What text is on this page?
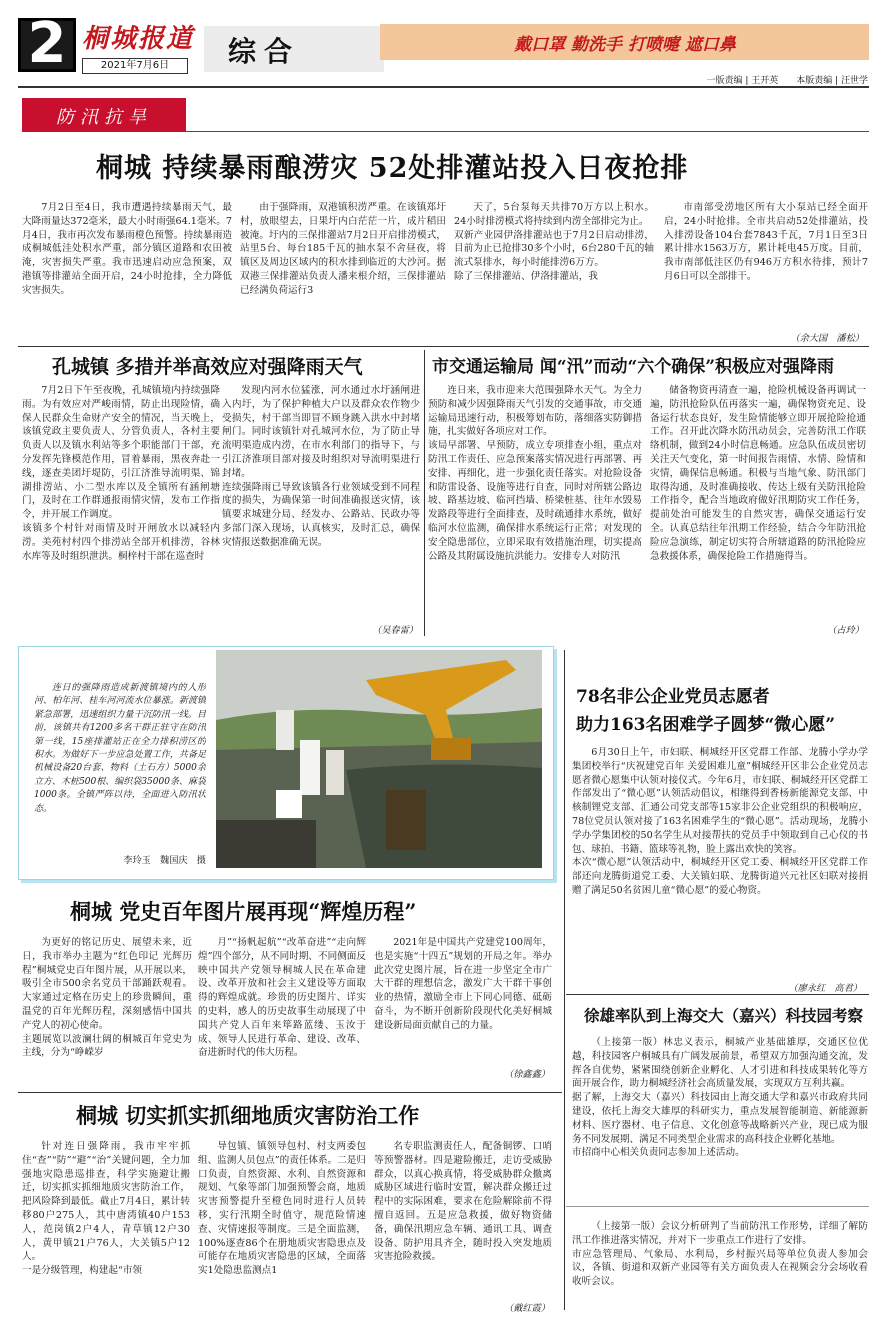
2 桐城报道
2021年7月6日	综合	戴口罩 勤洗手 打喷嚏 遮口鼻
一版责编 | 王开英　　本版责编 | 汪世学
防汛抗旱
桐城 持续暴雨酿涝灾 52处排灌站投入日夜抢排

7月2日至4日，我市遭遇持续暴雨天气，最大降雨量达372毫米，最大小时雨强64.1毫米。7月4日，我市再次发布暴雨橙色预警。持续暴雨造成桐城低洼处积水严重，部分镇区道路和农田被淹，灾害损失严重。我市迅速启动应急预案，双港镇等排灌站全面开启，24小时抢排，全力降低灾害损失。

由于强降雨，双港镇积涝严重。在该镇郑圩村，放眼望去，日果圩内白茫茫一片，成片稻田被淹。圩内的三保排灌站7月2日开启排涝模式，站里5台、每台185千瓦的抽水泵不舍昼夜，将镇区及周边区域内的积水排到临近的大沙河。据双港三保排灌站负责人潘来根介绍，三保排灌站已经满负荷运行3

天了，5台泵每天共排70万方以上积水。24小时排涝模式将持续到内涝全部排完为止。
双新产业园伊洛排灌站也于7月2日启动排涝，目前为止已抢排30多个小时，6台280千瓦的轴流式泵排水，每小时能排涝6万方。
除了三保排灌站、伊洛排灌站，我

市南部受涝地区所有大小泵站已经全面开启，24小时抢排。全市共启动52处排灌站，投入排涝设备104台套7843千瓦，7月1日至3日累计排水1563万方，累计耗电45万度。目前，我市南部低洼区仍有946万方积水待排，预计7月6日可以全部排干。

（余大国　潘松）
孔城镇 多措并举高效应对强降雨天气

7月2日下午至夜晚，孔城镇境内持续强降雨。为有效应对严峻雨情，防止出现险情，确保人民群众生命财产安全的情况，当天晚上，该镇党政主要负责人、分管负责人，各村主要负责人以及镇水利站等多个职能部门干部，充分发挥先锋模范作用，冒着暴雨，黑夜奔赴一线，逐查美团圩堤防，引江济淮导流明渠、锦湖排涝站、小二型水库以及全镇所有涵闸塘门，及时在工作群通报雨情灾情，发布工作指令，并开展工作调度。
该镇多个村针对雨情及时开闸放水以减轻内涝。美苑村村四个排涝站全部开机排涝，谷林水库等及时组织泄洪。桐梓村干部在巡查时

发现内河水位猛涨，河水通过水圩涵闸进入内圩，为了保护种植大户以及群众农作物少受损失，村干部当即冒不顾身跳入洪水中封堵闸门。同时该镇针对孔城河水位，为了防止导流明渠造成内涝，在市水利部门的指导下，与引江济淮项目部对接及时组织对导流明渠进行封堵。
连续强降雨已导致该镇各行业领域受到不同程度的损失，为确保第一时间准确报送灾情，该镇要求城建分局、经发办、公路站、民政办等多部门深入现场，认真核实，及时汇总，确保灾情报送数据准确无误。

（吴春雷）
市交通运输局 闻“汛”而动“六个确保”积极应对强降雨

连日来，我市迎来大范围强降水天气。为全力预防和减少因强降雨天气引发的交通事故，市交通运输局迅速行动，积极筹划布防，落细落实防御措施，扎实做好各项应对工作。
该局早部署、早预防，成立专项排查小组，重点对防汛工作责任、应急预案落实情况进行再部署、再安排、再细化，进一步强化责任落实。对抢险设备和防雷设备、设施等进行自查，同时对所辖公路边坡、路基边坡、临河挡墙、桥梁桩基、往年水毁易发路段等进行全面排查，及时疏通排水系统，做好临河水位监测，确保排水系统运行正常；对发现的安全隐患部位，立即采取有效措施治理，切实提高公路及其附属设施抗洪能力。安排专人对防汛

储备物资再清查一遍，抢险机械设备再调试一遍，防汛抢险队伍再落实一遍，确保物资充足、设备运行状态良好，发生险情能够立即开展抢险抢通工作。召开此次降水防汛动员会，完善防汛工作联络机制，做到24小时信息畅通。应急队伍成员密切关注天气变化，第一时间报告雨情、水情、险情和灾情，确保信息畅通。积极与当地气象、防汛部门取得沟通，及时准确接收、传达上级有关防汛抢险工作指令，配合当地政府做好汛期防灾工作任务，提前处治可能发生的自然灾害，确保交通运行安全。认真总结往年汛期工作经验，结合今年防汛抢险应急演练，制定切实符合所辖道路的防汛抢险应急救援体系，确保抢险工作措施得当。

（占玲）

连日的强降雨造成新渡镇境内的人形河、柏年河、桂车河河流水位暴涨。新渡镇紧急部署，迅速组织力量干沉防汛一线。目前，该镇共有1200多名干群正驻守在防汛第一线，15座排灌站正在全力排积涝区的积水。为做好下一步应急处置工作，共备足机械设备20台套、物料（土石方）5000余立方、木桩500根、编织袋35000条、麻袋1000条。全镇严阵以待，全面进入防汛状态。

李玲玉　魏国庆　摄
78名非公企业党员志愿者
助力163名困难学子圆梦“微心愿”

6月30日上午，市妇联、桐城经开区党群工作部、龙腾小学办学集团校举行“庆祝建党百年 关爱困难儿童”桐城经开区非公企业党员志愿者微心愿集中认领对接仪式。今年6月，市妇联、桐城经开区党群工作部发出了“微心愿”认领活动倡议，相继得到香杨新能源党支部、中核制锂党支部、汇通公司党支部等15家非公企业党组织的积极响应，78位党员认领对接了163名困难学生的“微心愿”。活动现场，龙腾小学办学集团校的50名学生从对接帮扶的党员手中领取到自己心仪的书包、球拍、书籍、篮球等礼物，脸上露出欢快的笑容。
本次“微心愿”认领活动中，桐城经开区党工委、桐城经开区党群工作部还向龙腾街道党工委、大关镇妇联、龙腾街道兴元社区妇联对接捐赠了满足50名贫困儿童“微心愿”的爱心物资。

（廖永红　高君）
徐雄率队到上海交大（嘉兴）科技园考察

（上接第一版）林忠义表示，桐城产业基础雄厚，交通区位优越，科技园客户桐城具有广阔发展前景，希望双方加强沟通交流，发挥各自优势，紧紧围绕创新企业孵化、人才引进和科技成果转化等方面开展合作，助力桐城经济社会高质量发展，实现双方互利共赢。
据了解，上海交大（嘉兴）科技园由上海交通大学和嘉兴市政府共同建设，依托上海交大雄厚的科研实力，重点发展智能制造、新能源新材料、医疗器材、电子信息、文化创意等战略新兴产业，现已成为服务不同发展期、满足不同类型企业需求的高科技企业孵化基地。
市招商中心相关负责同志参加上述活动。

（上接第一版）会议分析研判了当前防汛工作形势，详细了解防汛工作推进落实情况，并对下一步重点工作进行了安排。
市应急管理局、气象局、水利局，乡村振兴局等单位负责人参加会议，各镇、街道和双新产业园等有关方面负责人在视频会分会场收看收听会议。

桐城 党史百年图片展再现“辉煌历程”

为更好的铭记历史、展望未来，近日，我市举办主题为“红色印记 光辉历程”桐城党史百年图片展，从开展以来，吸引全市500余名党员干部踊跃观看。大家通过定格在历史上的珍贵瞬间，重温党的百年光辉历程，深刻感悟中国共产党人的初心使命。
主题展览以波澜壮阔的桐城百年党史为主线，分为“峥嵘岁

月”“扬帆起航”“改革奋进”“走向辉煌”四个部分，从不同时期、不同侧面反映中国共产党领导桐城人民在革命建设、改革开放和社会主义建设等方面取得的辉煌成就。珍贵的历史图片、详实的史料，感人的历史故事生动展现了中国共产党人百年来筚路蓝缕、玉汝于成、领导人民进行革命、建设、改革、奋进新时代的伟大历程。

2021年是中国共产党建党100周年，也是实施“十四五”规划的开局之年。举办此次党史图片展，旨在进一步坚定全市广大干群的理想信念，激发广大干群干事创业的热情，激励全市上下同心同德、砥砺奋斗，为不断开创新阶段现代化美好桐城建设新局面贡献自己的力量。

（徐鑫鑫）
桐城 切实抓实抓细地质灾害防治工作

针对连日强降雨，我市牢牢抓住“查”“防”“避”“治”关键问题，全力加强地灾隐患巡排查，科学实施避让搬迁，切实抓实抓细地质灾害防治工作，把风险降到最低。截止7月4日，累计转移80户275人，其中唐湾镇40户153人，范岗镇2户4人，青草镇12户30人，黄甲镇21户76人，大关镇5户12人。
一是分级管理，构建起“市领

导包镇、镇领导包村、村支两委包组、监测人员包点”的责任体系。二是归口负责，自然资源、水利、自然资源和规划、气象等部门加强预警会商，地质灾害预警提升至橙色同时进行人员转移，实行汛期全时值守，规范险情速查、灾情速报等制度。三是全面监测，100%逐查86个在册地质灾害隐患点及可能存在地质灾害隐患的区域，全面落实1处隐患监测点1

名专职监测责任人，配备铜锣、口哨等预警器材。四是避险搬迁，走访受威胁群众，以真心换真情，将受威胁群众撤离威胁区域进行临时安置，解决群众搬迁过程中的实际困难，要求在危险解除前不得擅自返回。五是应急救援，做好物资储备，确保汛期应急车辆、通讯工具、调查设备、防护用具齐全，随时投入突发地质灾害抢险救援。

（戴红霞）
